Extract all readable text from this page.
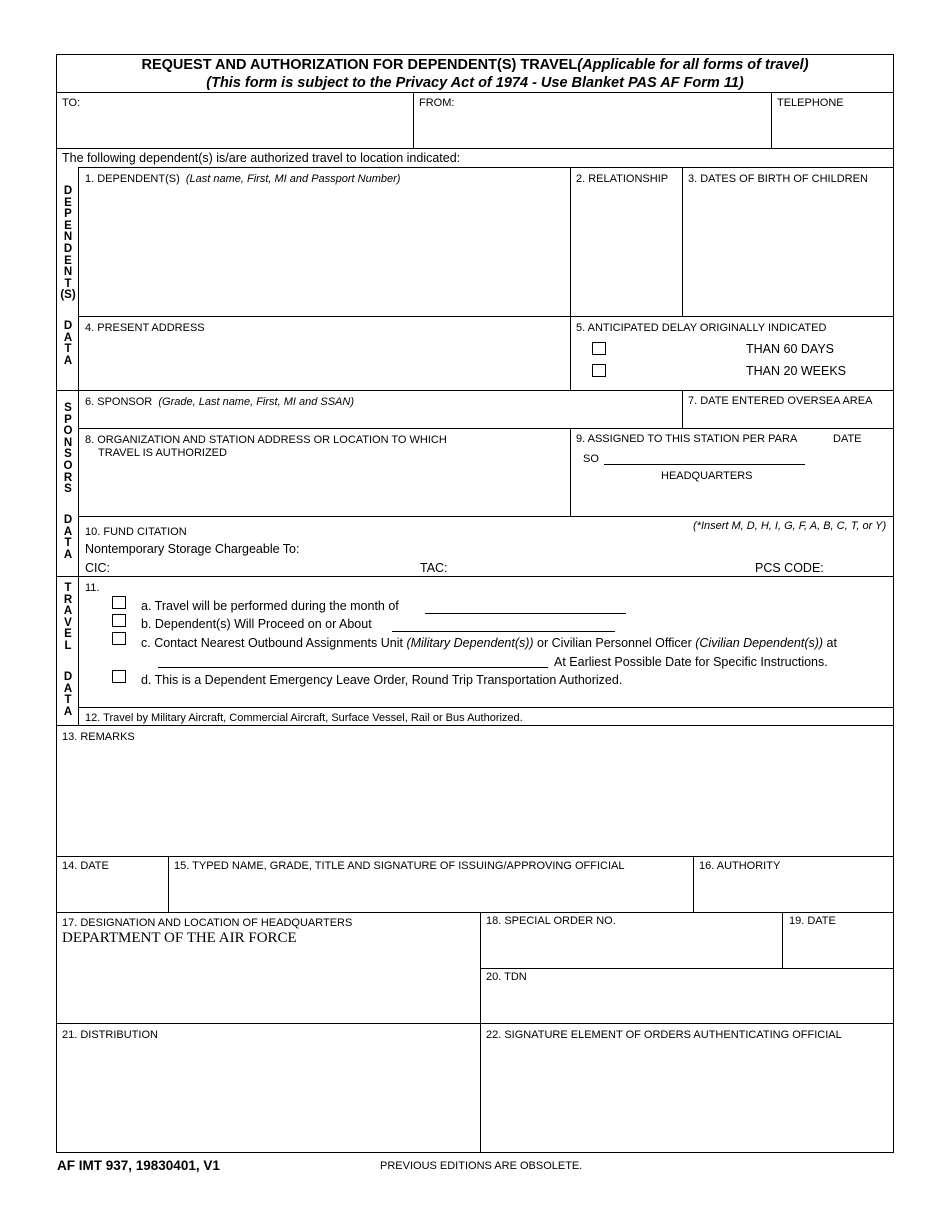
REQUEST AND AUTHORIZATION FOR DEPENDENT(S) TRAVEL(Applicable for all forms of travel)
(This form is subject to the Privacy Act of 1974 - Use Blanket PAS AF Form 11)
TO:	FROM:	TELEPHONE
The following dependent(s) is/are authorized travel to location indicated:
D
E
P
E
N
D
E
N
T
(S)
D
A
T
A
S
P
O
N
S
O
R
S
D
A
T
A
T
R
A
V
E
L
D
A
T
A
1. DEPENDENT(S) (Last name, First, MI and Passport Number)	2. RELATIONSHIP 3. DATES OF BIRTH OF CHILDREN
4. PRESENT ADDRESS	5. ANTICIPATED DELAY ORIGINALLY INDICATED
THAN 60 DAYS
THAN 20 WEEKS
6. SPONSOR (Grade, Last name, First, MI and SSAN)	7. DATE ENTERED OVERSEA AREA
8. ORGANIZATION AND STATION ADDRESS OR LOCATION TO WHICH
TRAVEL IS AUTHORIZED
9. ASSIGNED TO THIS STATION PER PARA	DATE
SO
HEADQUARTERS
10. FUND CITATION	(*Insert M, D, H, I, G, F, A, B, C, T, or Y)
Nontemporary Storage Chargeable To:
CIC:	TAC:	PCS CODE:
11.
a. Travel will be performed during the month of
b. Dependent(s) Will Proceed on or About
c. Contact Nearest Outbound Assignments Unit (Military Dependent(s)) or Civilian Personnel Officer (Civilian Dependent(s)) at
At Earliest Possible Date for Specific Instructions.
d. This is a Dependent Emergency Leave Order, Round Trip Transportation Authorized.
12. Travel by Military Aircraft, Commercial Aircraft, Surface Vessel, Rail or Bus Authorized.
13. REMARKS
14. DATE	15. TYPED NAME, GRADE, TITLE AND SIGNATURE OF ISSUING/APPROVING OFFICIAL	16. AUTHORITY
17. DESIGNATION AND LOCATION OF HEADQUARTERS
DEPARTMENT OF THE AIR FORCE
18. SPECIAL ORDER NO.	19. DATE
20. TDN
21. DISTRIBUTION	22. SIGNATURE ELEMENT OF ORDERS AUTHENTICATING OFFICIAL
AF IMT 937, 19830401, V1	PREVIOUS EDITIONS ARE OBSOLETE.
